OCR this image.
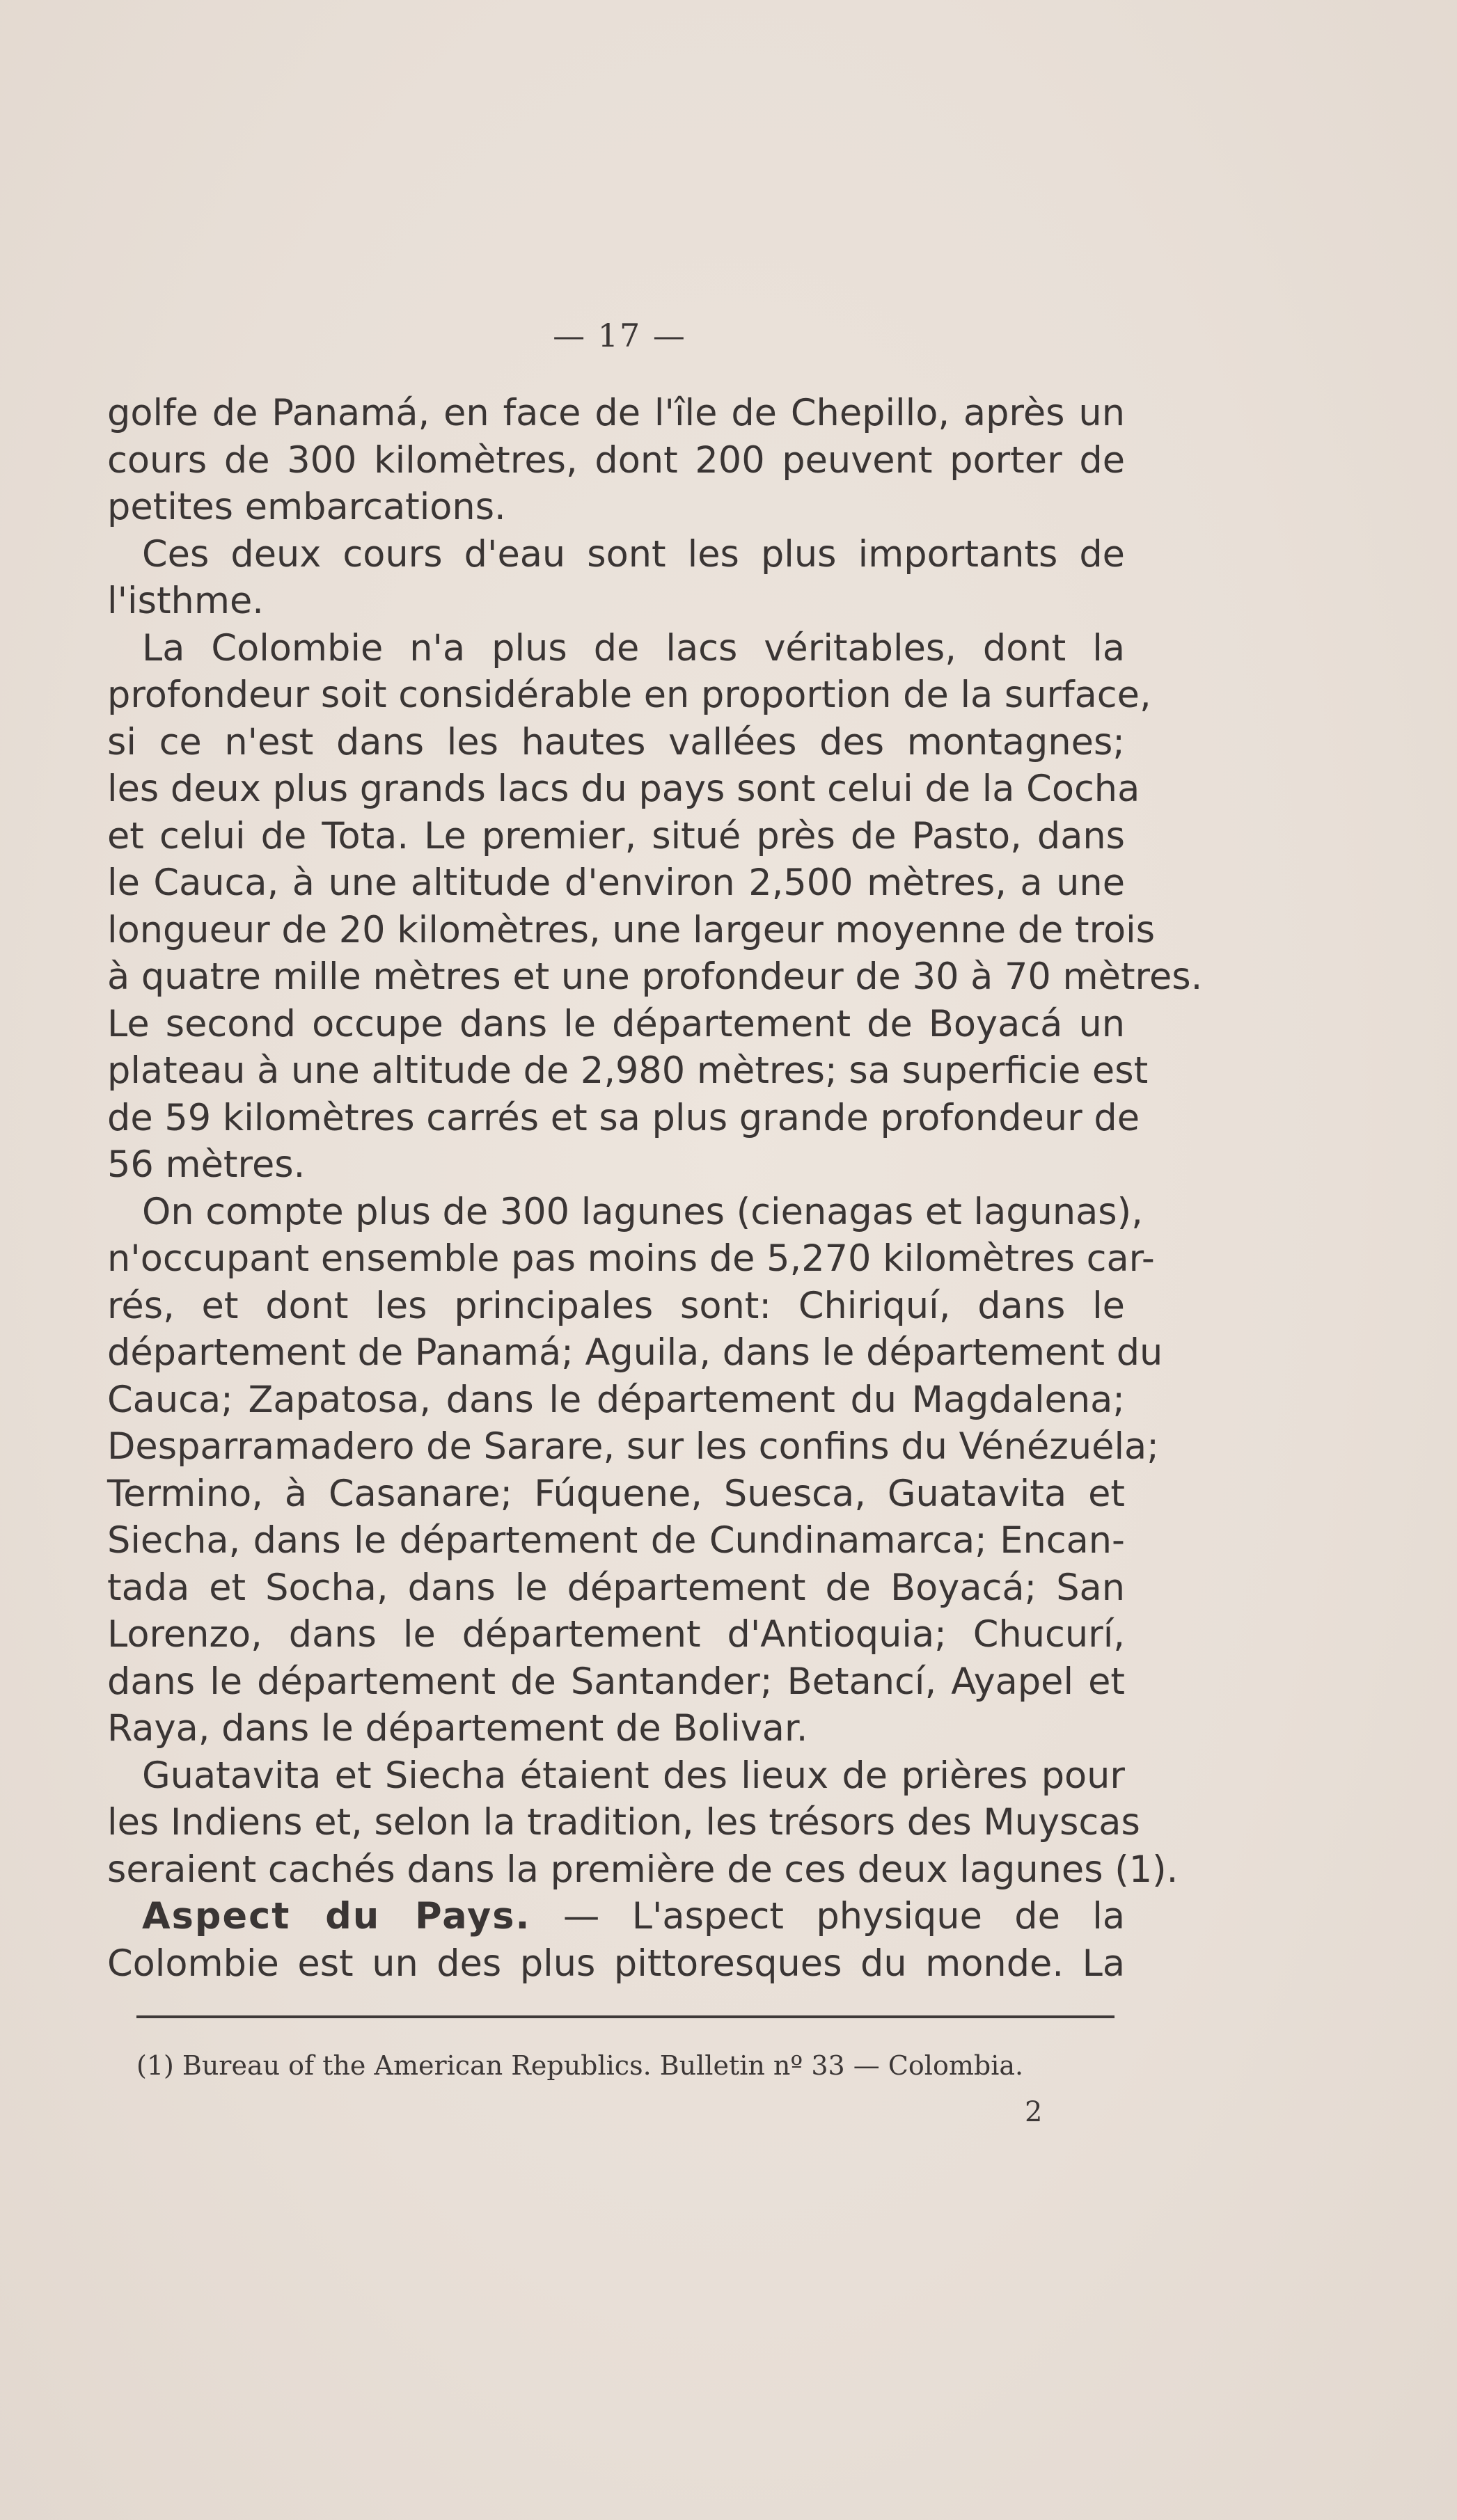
— 17 —
golfe de Panamá, en face de l'île de Chepillo, après un
cours de 300 kilomètres, dont 200 peuvent porter de
petites embarcations.
Ces deux cours d'eau sont les plus importants de
l'isthme.
La Colombie n'a plus de lacs véritables, dont la
profondeur soit considérable en proportion de la surface,
si ce n'est dans les hautes vallées des montagnes;
les deux plus grands lacs du pays sont celui de la Cocha
et celui de Tota. Le premier, situé près de Pasto, dans
le Cauca, à une altitude d'environ 2,500 mètres, a une
longueur de 20 kilomètres, une largeur moyenne de trois
à quatre mille mètres et une profondeur de 30 à 70 mètres.
Le second occupe dans le département de Boyacá un
plateau à une altitude de 2,980 mètres; sa superficie est
de 59 kilomètres carrés et sa plus grande profondeur de
56 mètres.
On compte plus de 300 lagunes (cienagas et lagunas),
n'occupant ensemble pas moins de 5,270 kilomètres car-
rés, et dont les principales sont: Chiriquí, dans le
département de Panamá; Aguila, dans le département du
Cauca; Zapatosa, dans le département du Magdalena;
Desparramadero de Sarare, sur les confins du Vénézuéla;
Termino, à Casanare; Fúquene, Suesca, Guatavita et
Siecha, dans le département de Cundinamarca; Encan-
tada et Socha, dans le département de Boyacá; San
Lorenzo, dans le département d'Antioquia; Chucurí,
dans le département de Santander; Betancí, Ayapel et
Raya, dans le département de Bolivar.
Guatavita et Siecha étaient des lieux de prières pour
les Indiens et, selon la tradition, les trésors des Muyscas
seraient cachés dans la première de ces deux lagunes (1).
Aspect du Pays. — L'aspect physique de la
Colombie est un des plus pittoresques du monde. La
(1) Bureau of the American Republics. Bulletin nº 33 — Colombia.
2
